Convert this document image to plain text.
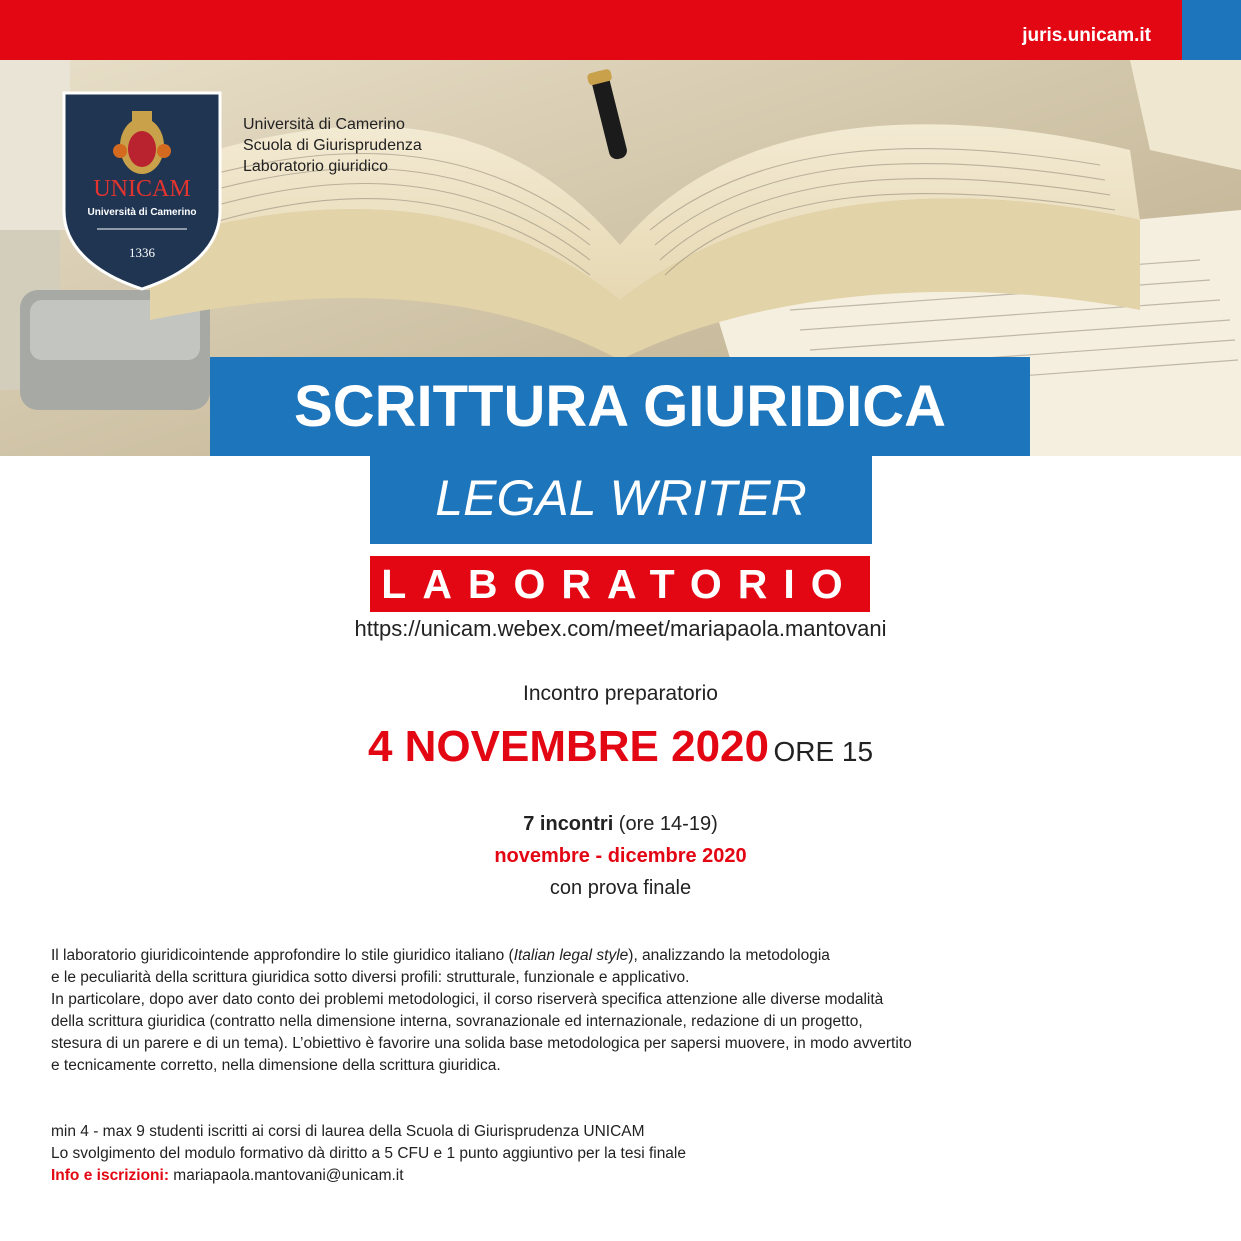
juris.unicam.it
UNICAM
Università di Camerino
1336
Università di Camerino
Scuola di Giurisprudenza
Laboratorio giuridico
SCRITTURA GIURIDICA
LEGAL WRITER
LABORATORIO
https://unicam.webex.com/meet/mariapaola.mantovani
Incontro preparatorio
4 NOVEMBRE 2020 ORE 15
7 incontri (ore 14-19)
novembre - dicembre 2020
con prova finale

Il laboratorio giuridicointende approfondire lo stile giuridico italiano (Italian legal style), analizzando la metodologia

e le peculiarità della scrittura giuridica sotto diversi profili: strutturale, funzionale e applicativo.

In particolare, dopo aver dato conto dei problemi metodologici, il corso riserverà specifica attenzione alle diverse modalità

della scrittura giuridica (contratto nella dimensione interna, sovranazionale ed internazionale, redazione di un progetto,

stesura di un parere e di un tema). L’obiettivo è favorire una solida base metodologica per sapersi muovere, in modo avvertito

e tecnicamente corretto, nella dimensione della scrittura giuridica.

min 4 - max 9 studenti iscritti ai corsi di laurea della Scuola di Giurisprudenza UNICAM

Lo svolgimento del modulo formativo dà diritto a 5 CFU e 1 punto aggiuntivo per la tesi finale

Info e iscrizioni: mariapaola.mantovani@unicam.it
